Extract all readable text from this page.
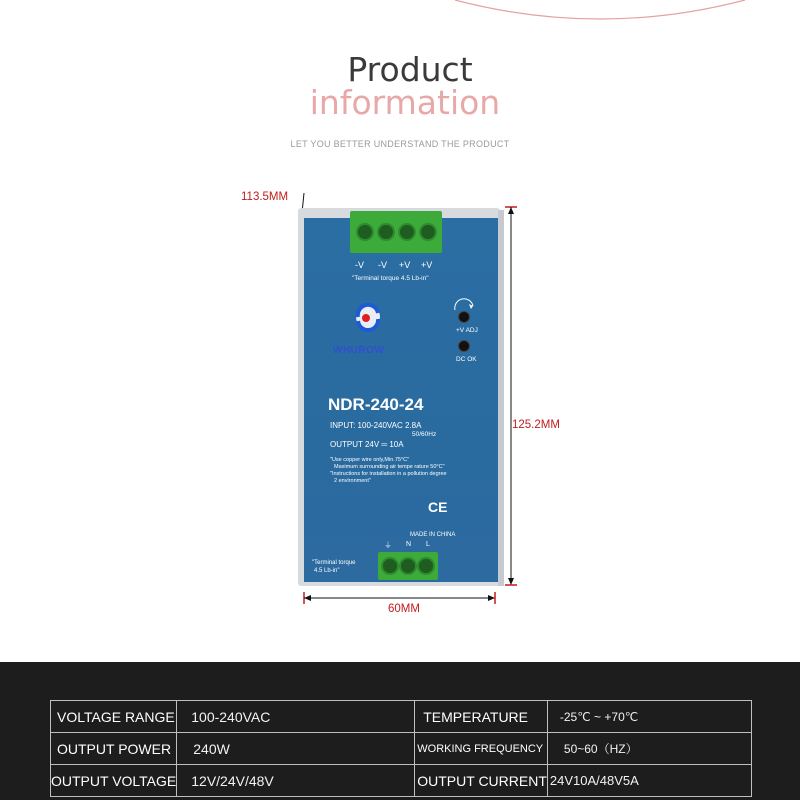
Product
information
LET YOU BETTER UNDERSTAND THE PRODUCT
113.5MM
125.2MM
60MM
-V -V +V +V
"Terminal torque 4.5 Lb-in"
WHUROW
+V ADJ
DC OK
NDR-240-24
INPUT: 100-240VAC 2.8A
50/60Hz
OUTPUT 24V ═ 10A
"Use copper wire only,Min.75°C"
Maximum surrounding air tempe rature 50°C"
"Instructions for installation in a pollution degree
2 environment"
CE
MADE IN CHINA
⏚ N L
"Terminal torque
4.5 Lb-in"
VOLTAGE RANGE	100-240VAC	TEMPERATURE	-25℃ ~ +70℃
OUTPUT POWER	240W	WORKING FREQUENCY	50~60（HZ）
OUTPUT VOLTAGE	12V/24V/48V	OUTPUT CURRENT	24V10A/48V5A
